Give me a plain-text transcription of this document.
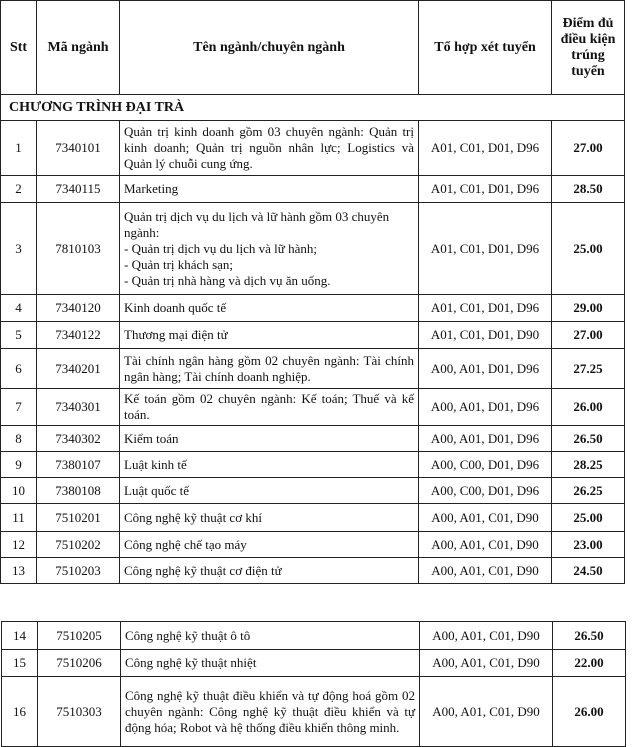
Stt	Mã ngành	Tên ngành/chuyên ngành	Tổ hợp xét tuyển	Điểm đủ điều kiện trúng tuyển
CHƯƠNG TRÌNH ĐẠI TRÀ				
1	7340101	Quản trị kinh doanh gồm 03 chuyên ngành: Quản trị kinh doanh; Quản trị nguồn nhân lực; Logistics và Quản lý chuỗi cung ứng.	A01, C01, D01, D96	27.00
2	7340115	Marketing	A01, C01, D01, D96	28.50
3	7810103	Quản trị dịch vụ du lịch và lữ hành gồm 03 chuyên ngành:
- Quản trị dịch vụ du lịch và lữ hành;
- Quản trị khách sạn;
- Quản trị nhà hàng và dịch vụ ăn uống.	A01, C01, D01, D96	25.00
4	7340120	Kinh doanh quốc tế	A01, C01, D01, D96	29.00
5	7340122	Thương mại điện tử	A01, C01, D01, D90	27.00
6	7340201	Tài chính ngân hàng gồm 02 chuyên ngành: Tài chính ngân hàng; Tài chính doanh nghiệp.	A00, A01, D01, D96	27.25
7	7340301	Kế toán gồm 02 chuyên ngành: Kế toán; Thuế và kế toán.	A00, A01, D01, D96	26.00
8	7340302	Kiểm toán	A00, A01, D01, D96	26.50
9	7380107	Luật kinh tế	A00, C00, D01, D96	28.25
10	7380108	Luật quốc tế	A00, C00, D01, D96	26.25
11	7510201	Công nghệ kỹ thuật cơ khí	A00, A01, C01, D90	25.00
12	7510202	Công nghệ chế tạo máy	A00, A01, C01, D90	23.00
13	7510203	Công nghệ kỹ thuật cơ điện tử	A00, A01, C01, D90	24.50
14	7510205	Công nghệ kỹ thuật ô tô	A00, A01, C01, D90	26.50
15	7510206	Công nghệ kỹ thuật nhiệt	A00, A01, C01, D90	22.00
16	7510303	Công nghệ kỹ thuật điều khiển và tự động hoá gồm 02 chuyên ngành: Công nghệ kỹ thuật điều khiển và tự động hóa; Robot và hệ thống điều khiển thông minh.	A00, A01, C01, D90	26.00
